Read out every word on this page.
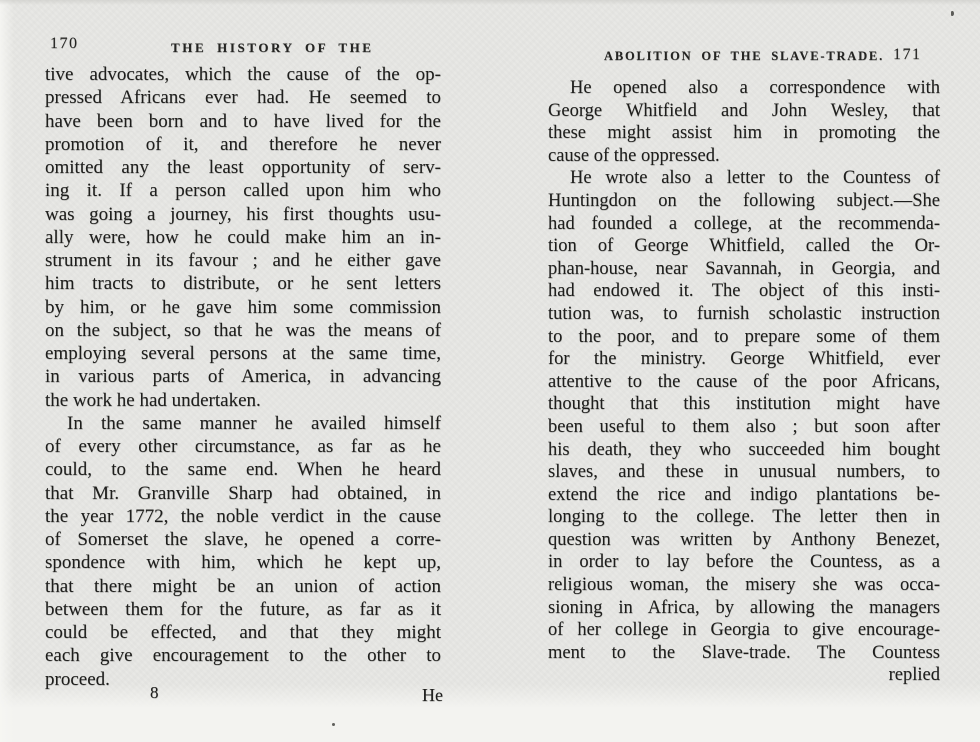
170	THE HISTORY OF THE
tive advocates, which the cause of the op-
pressed Africans ever had. He seemed to
have been born and to have lived for the
promotion of it, and therefore he never
omitted any the least opportunity of serv-
ing it. If a person called upon him who
was going a journey, his first thoughts usu-
ally were, how he could make him an in-
strument in its favour ; and he either gave
him tracts to distribute, or he sent letters
by him, or he gave him some commission
on the subject, so that he was the means of
employing several persons at the same time,
in various parts of America, in advancing
the work he had undertaken.
In the same manner he availed himself
of every other circumstance, as far as he
could, to the same end. When he heard
that Mr. Granville Sharp had obtained, in
the year 1772, the noble verdict in the cause
of Somerset the slave, he opened a corre-
spondence with him, which he kept up,
that there might be an union of action
between them for the future, as far as it
could be effected, and that they might
each give encouragement to the other to
proceed.
8	He
ABOLITION OF THE SLAVE-TRADE. 171
He opened also a correspondence with
George Whitfield and John Wesley, that
these might assist him in promoting the
cause of the oppressed.
He wrote also a letter to the Countess of
Huntingdon on the following subject.—She
had founded a college, at the recommenda-
tion of George Whitfield, called the Or-
phan-house, near Savannah, in Georgia, and
had endowed it. The object of this insti-
tution was, to furnish scholastic instruction
to the poor, and to prepare some of them
for the ministry. George Whitfield, ever
attentive to the cause of the poor Africans,
thought that this institution might have
been useful to them also ; but soon after
his death, they who succeeded him bought
slaves, and these in unusual numbers, to
extend the rice and indigo plantations be-
longing to the college. The letter then in
question was written by Anthony Benezet,
in order to lay before the Countess, as a
religious woman, the misery she was occa-
sioning in Africa, by allowing the managers
of her college in Georgia to give encourage-
ment to the Slave-trade. The Countess
replied
